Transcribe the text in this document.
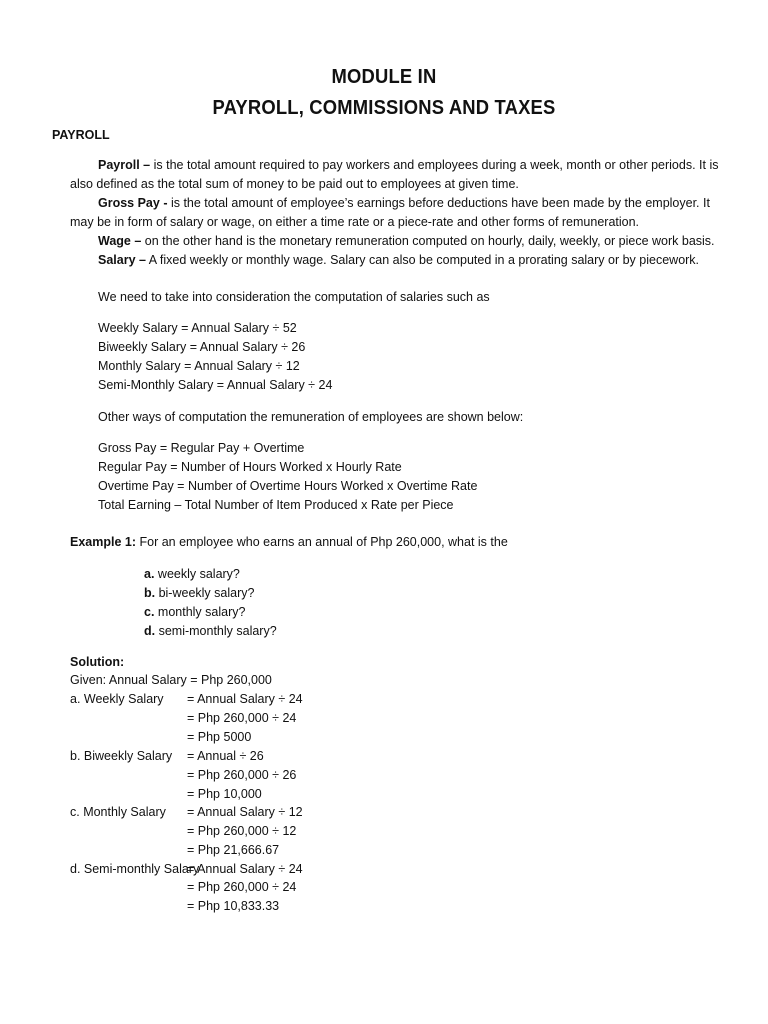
MODULE IN
PAYROLL, COMMISSIONS AND TAXES
PAYROLL
Payroll – is the total amount required to pay workers and employees during a week, month or other periods. It is
also defined as the total sum of money to be paid out to employees at given time.
Gross Pay - is the total amount of employee’s earnings before deductions have been made by the employer. It
may be in form of salary or wage, on either a time rate or a piece-rate and other forms of remuneration.
Wage – on the other hand is the monetary remuneration computed on hourly, daily, weekly, or piece work basis.
Salary – A fixed weekly or monthly wage. Salary can also be computed in a prorating salary or by piecework.
We need to take into consideration the computation of salaries such as
Weekly Salary = Annual Salary ÷ 52
Biweekly Salary = Annual Salary ÷ 26
Monthly Salary = Annual Salary ÷ 12
Semi-Monthly Salary = Annual Salary ÷ 24
Other ways of computation the remuneration of employees are shown below:
Gross Pay = Regular Pay + Overtime
Regular Pay = Number of Hours Worked x Hourly Rate
Overtime Pay = Number of Overtime Hours Worked x Overtime Rate
Total Earning – Total Number of Item Produced x Rate per Piece
Example 1: For an employee who earns an annual of Php 260,000, what is the
a. weekly salary?
b. bi-weekly salary?
c. monthly salary?
d. semi-monthly salary?
Solution:
Given: Annual Salary = Php 260,000
a. Weekly Salary = Annual Salary ÷ 24
= Php 260,000 ÷ 24
= Php 5000
b. Biweekly Salary = Annual ÷ 26
= Php 260,000 ÷ 26
= Php 10,000
c. Monthly Salary = Annual Salary ÷ 12
= Php 260,000 ÷ 12
= Php 21,666.67
d. Semi-monthly Salary
= Annual Salary ÷ 24
= Php 260,000 ÷ 24
= Php 10,833.33
